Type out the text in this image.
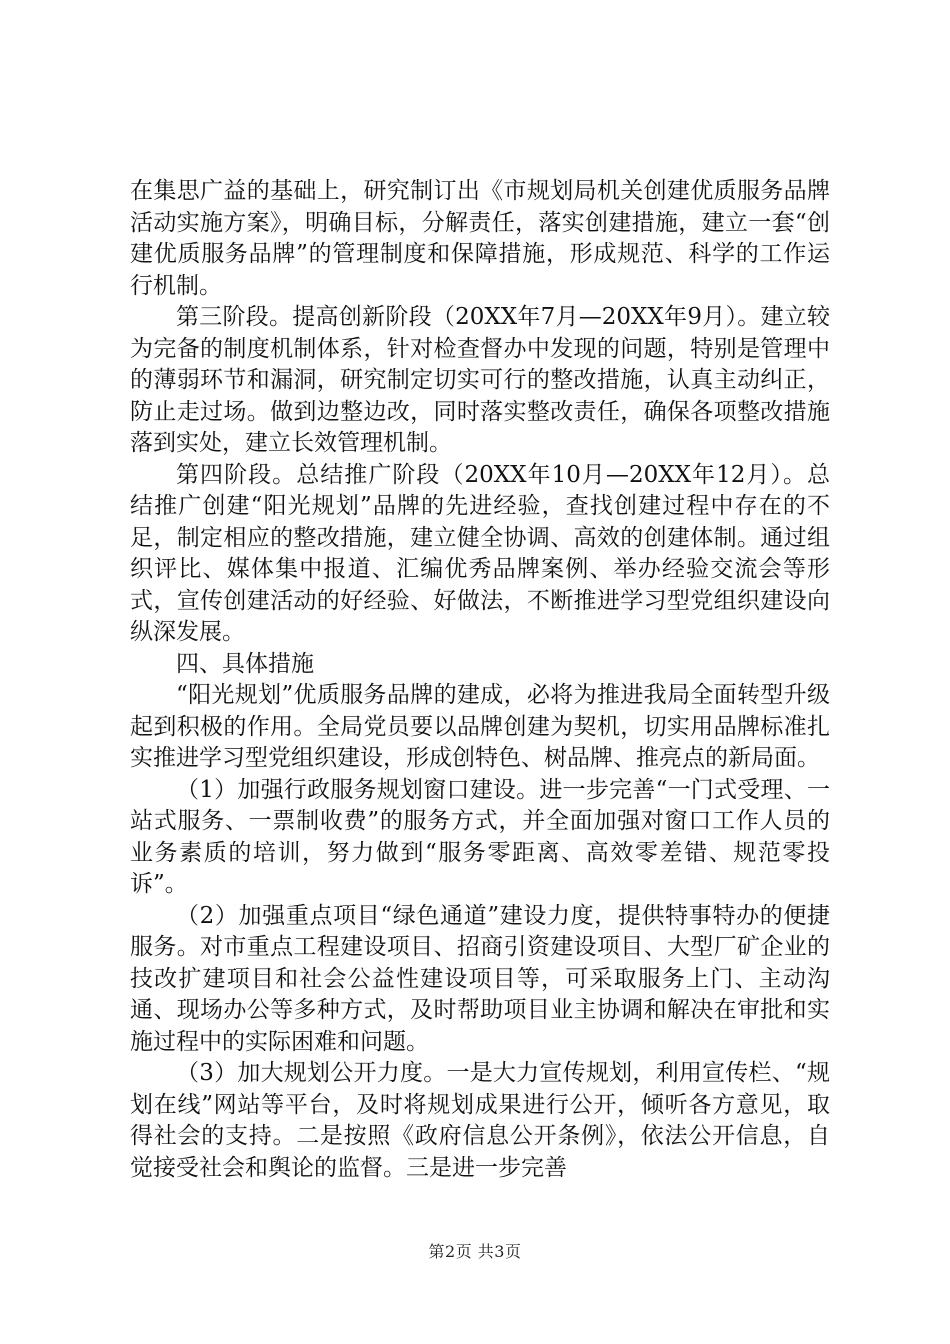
在集思广益的基础上，研究制订出《市规划局机关创建优质服务品牌活动实施方案》，明确目标，分解责任，落实创建措施，建立一套“创建优质服务品牌”的管理制度和保障措施，形成规范、科学的工作运行机制。

第三阶段。提高创新阶段（20XX年7月—20XX年9月）。建立较为完备的制度机制体系，针对检查督办中发现的问题，特别是管理中的薄弱环节和漏洞，研究制定切实可行的整改措施，认真主动纠正，防止走过场。做到边整边改，同时落实整改责任，确保各项整改措施落到实处，建立长效管理机制。

第四阶段。总结推广阶段（20XX年10月—20XX年12月）。总结推广创建“阳光规划”品牌的先进经验，查找创建过程中存在的不足，制定相应的整改措施，建立健全协调、高效的创建体制。通过组织评比、媒体集中报道、汇编优秀品牌案例、举办经验交流会等形式，宣传创建活动的好经验、好做法，不断推进学习型党组织建设向纵深发展。

四、具体措施

“阳光规划”优质服务品牌的建成，必将为推进我局全面转型升级起到积极的作用。全局党员要以品牌创建为契机，切实用品牌标准扎实推进学习型党组织建设，形成创特色、树品牌、推亮点的新局面。

（1）加强行政服务规划窗口建设。进一步完善“一门式受理、一站式服务、一票制收费”的服务方式，并全面加强对窗口工作人员的业务素质的培训，努力做到“服务零距离、高效零差错、规范零投诉”。

（2）加强重点项目“绿色通道”建设力度，提供特事特办的便捷服务。对市重点工程建设项目、招商引资建设项目、大型厂矿企业的技改扩建项目和社会公益性建设项目等，可采取服务上门、主动沟通、现场办公等多种方式，及时帮助项目业主协调和解决在审批和实施过程中的实际困难和问题。

（3）加大规划公开力度。一是大力宣传规划，利用宣传栏、“规划在线”网站等平台，及时将规划成果进行公开，倾听各方意见，取得社会的支持。二是按照《政府信息公开条例》，依法公开信息，自觉接受社会和舆论的监督。三是进一步完善

第2页 共3页
